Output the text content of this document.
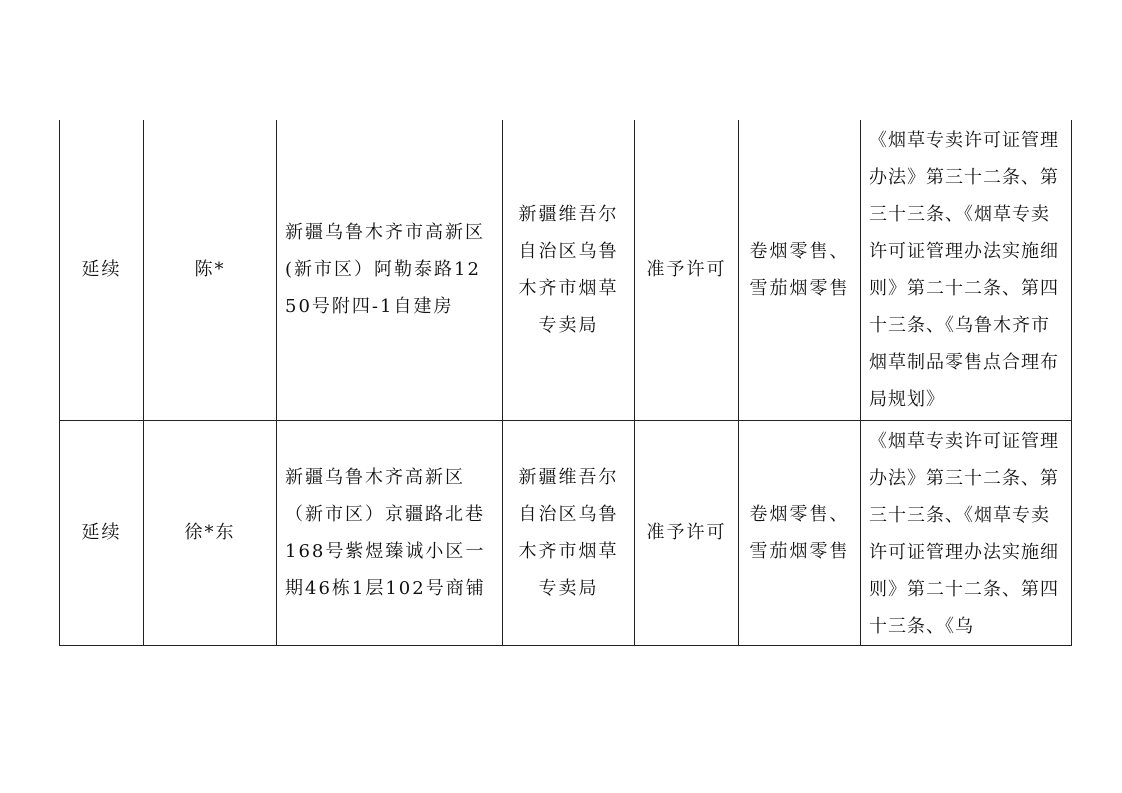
延续	陈*	新疆乌鲁木齐市高新区(新市区）阿勒泰路1250号附四-1自建房	新疆维吾尔自治区乌鲁木齐市烟草专卖局	准予许可	卷烟零售、雪茄烟零售	《烟草专卖许可证管理办法》第三十二条、第三十三条、《烟草专卖许可证管理办法实施细则》第二十二条、第四十三条、《乌鲁木齐市烟草制品零售点合理布局规划》
延续	徐*东	新疆乌鲁木齐高新区（新市区）京疆路北巷168号紫煜臻诚小区一期46栋1层102号商铺	新疆维吾尔自治区乌鲁木齐市烟草专卖局	准予许可	卷烟零售、雪茄烟零售	《烟草专卖许可证管理办法》第三十二条、第三十三条、《烟草专卖许可证管理办法实施细则》第二十二条、第四十三条、《乌
